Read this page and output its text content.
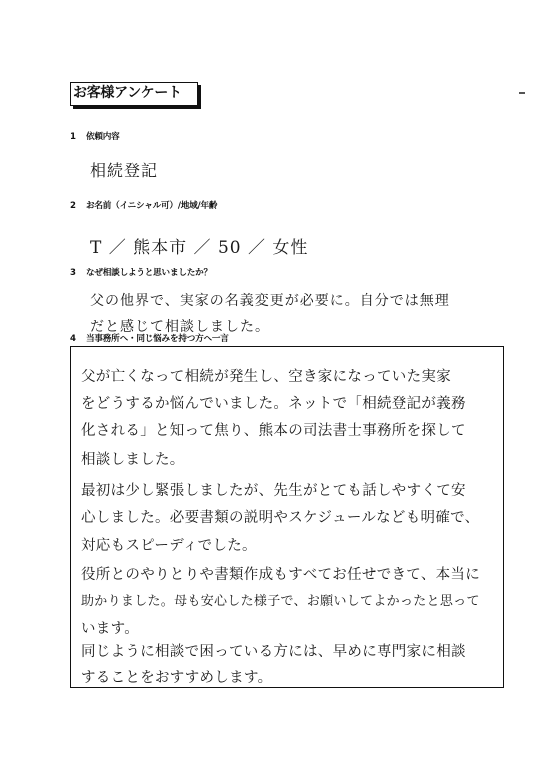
お客様アンケート
1 依頼内容
相続登記
2 お名前（イニシャル可）/地域/年齢
T ／ 熊本市 ／ 50 ／ 女性
3 なぜ相談しようと思いましたか？
父の他界で、実家の名義変更が必要に。自分では無理
だと感じて相談しました。
4 当事務所へ・同じ悩みを持つ方へ一言
父が亡くなって相続が発生し、空き家になっていた実家
をどうするか悩んでいました。ネットで「相続登記が義務
化される」と知って焦り、熊本の司法書士事務所を探して
相談しました。
最初は少し緊張しましたが、先生がとても話しやすくて安
心しました。必要書類の説明やスケジュールなども明確で、
対応もスピーディでした。
役所とのやりとりや書類作成もすべてお任せできて、本当に
助かりました。母も安心した様子で、お願いしてよかったと思って
います。
同じように相談で困っている方には、早めに専門家に相談
することをおすすめします。
